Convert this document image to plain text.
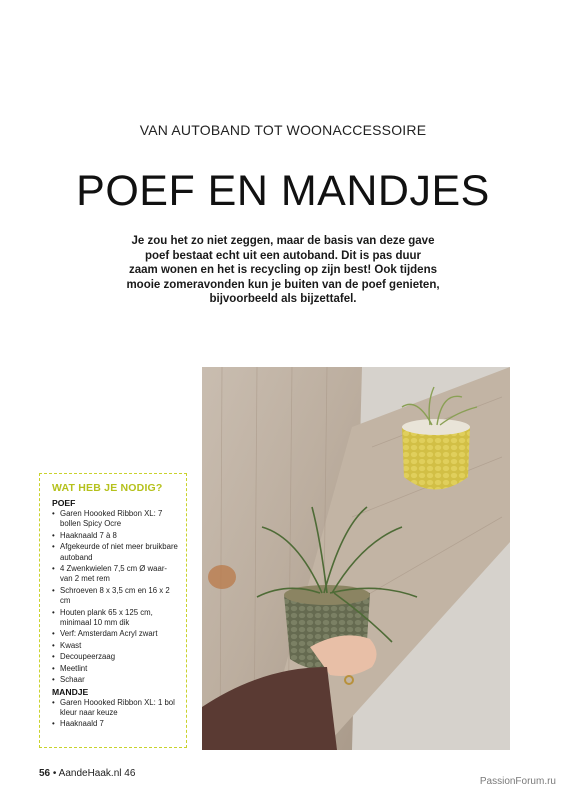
VAN AUTOBAND TOT WOONACCESSOIRE
POEF EN MANDJES

Je zou het zo niet zeggen, maar de basis van deze gave
poef bestaat echt uit een autoband. Dit is pas duur
zaam wonen en het is recycling op zijn best! Ook tijdens
mooie zomeravonden kun je buiten van de poef genieten,
bijvoorbeeld als bijzettafel.

WAT HEB JE NODIG?
POEF
• Garen Hoooked Ribbon XL: 7 bollen Spicy Ocre
• Haaknaald 7 à 8
• Afgekeurde of niet meer bruikbare autoband
• 4 Zwenkwielen 7,5 cm Ø waar- van 2 met rem
• Schroeven 8 x 3,5 cm en 16 x 2 cm
• Houten plank 65 x 125 cm, minimaal 10 mm dik
• Verf: Amsterdam Acryl zwart
• Kwast
• Decoupeerzaag
• Meetlint
• Schaar
MANDJE
• Garen Hoooked Ribbon XL: 1 bol kleur naar keuze
• Haaknaald 7
56 • AandeHaak.nl 46
PassionForum.ru
